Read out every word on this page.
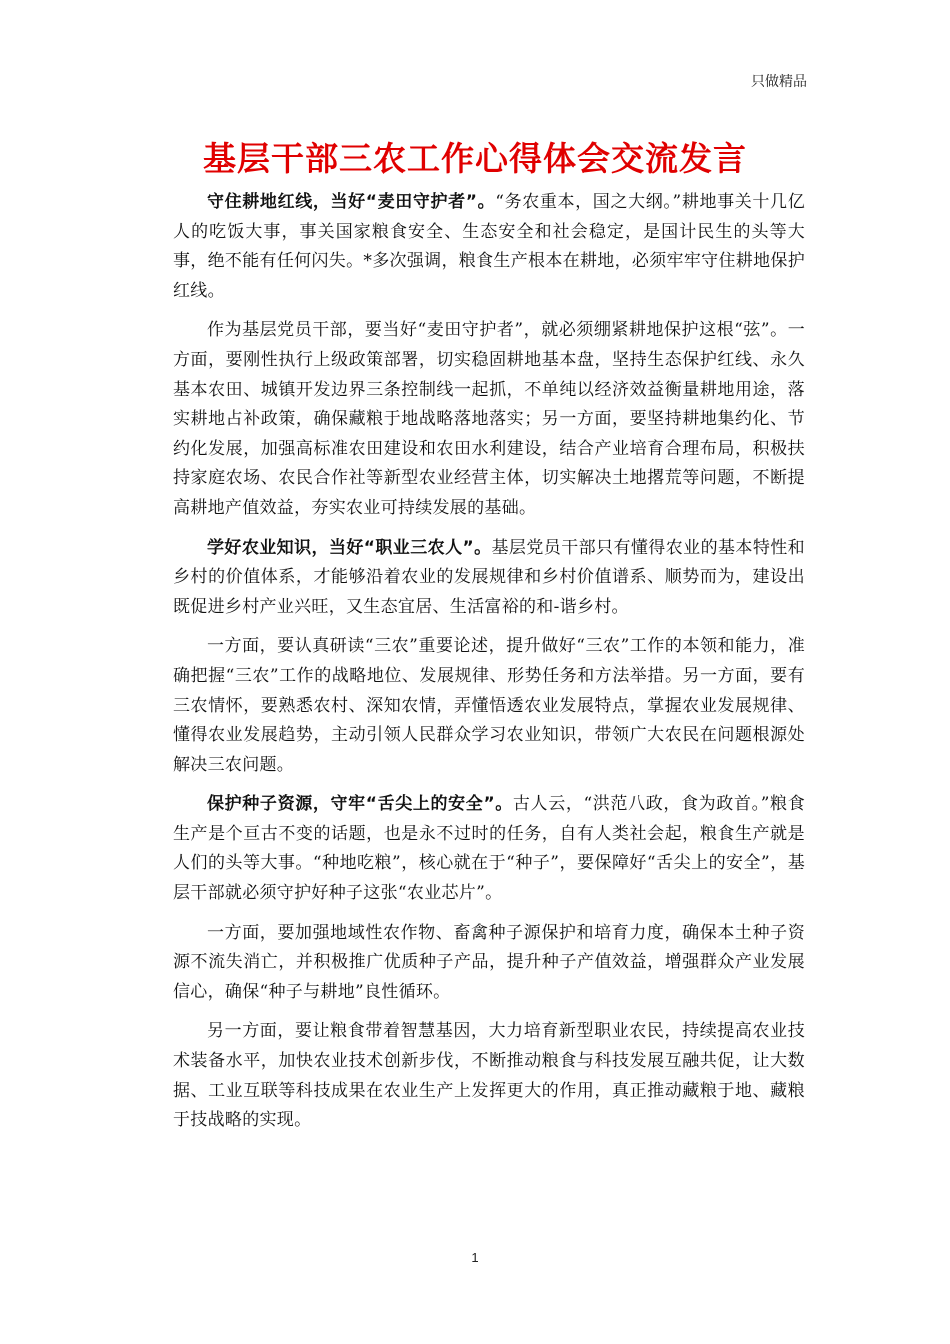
只做精品
基层干部三农工作心得体会交流发言

守住耕地红线，当好“麦田守护者”。“务农重本，国之大纲。”耕地事关十几亿人的吃饭大事，事关国家粮食安全、生态安全和社会稳定，是国计民生的头等大事，绝不能有任何闪失。*多次强调，粮食生产根本在耕地，必须牢牢守住耕地保护红线。

作为基层党员干部，要当好“麦田守护者”，就必须绷紧耕地保护这根“弦”。一方面，要刚性执行上级政策部署，切实稳固耕地基本盘，坚持生态保护红线、永久基本农田、城镇开发边界三条控制线一起抓，不单纯以经济效益衡量耕地用途，落实耕地占补政策，确保藏粮于地战略落地落实；另一方面，要坚持耕地集约化、节约化发展，加强高标准农田建设和农田水利建设，结合产业培育合理布局，积极扶持家庭农场、农民合作社等新型农业经营主体，切实解决土地撂荒等问题，不断提高耕地产值效益，夯实农业可持续发展的基础。

学好农业知识，当好“职业三农人”。基层党员干部只有懂得农业的基本特性和乡村的价值体系，才能够沿着农业的发展规律和乡村价值谱系、顺势而为，建设出既促进乡村产业兴旺，又生态宜居、生活富裕的和-谐乡村。

一方面，要认真研读“三农”重要论述，提升做好“三农”工作的本领和能力，准确把握“三农”工作的战略地位、发展规律、形势任务和方法举措。另一方面，要有三农情怀，要熟悉农村、深知农情，弄懂悟透农业发展特点，掌握农业发展规律、懂得农业发展趋势，主动引领人民群众学习农业知识，带领广大农民在问题根源处解决三农问题。

保护种子资源，守牢“舌尖上的安全”。古人云，“洪范八政，食为政首。”粮食生产是个亘古不变的话题，也是永不过时的任务，自有人类社会起，粮食生产就是人们的头等大事。“种地吃粮”，核心就在于“种子”，要保障好“舌尖上的安全”，基层干部就必须守护好种子这张“农业芯片”。

一方面，要加强地域性农作物、畜禽种子源保护和培育力度，确保本土种子资源不流失消亡，并积极推广优质种子产品，提升种子产值效益，增强群众产业发展信心，确保“种子与耕地”良性循环。

另一方面，要让粮食带着智慧基因，大力培育新型职业农民，持续提高农业技术装备水平，加快农业技术创新步伐，不断推动粮食与科技发展互融共促，让大数据、工业互联等科技成果在农业生产上发挥更大的作用，真正推动藏粮于地、藏粮于技战略的实现。

1
